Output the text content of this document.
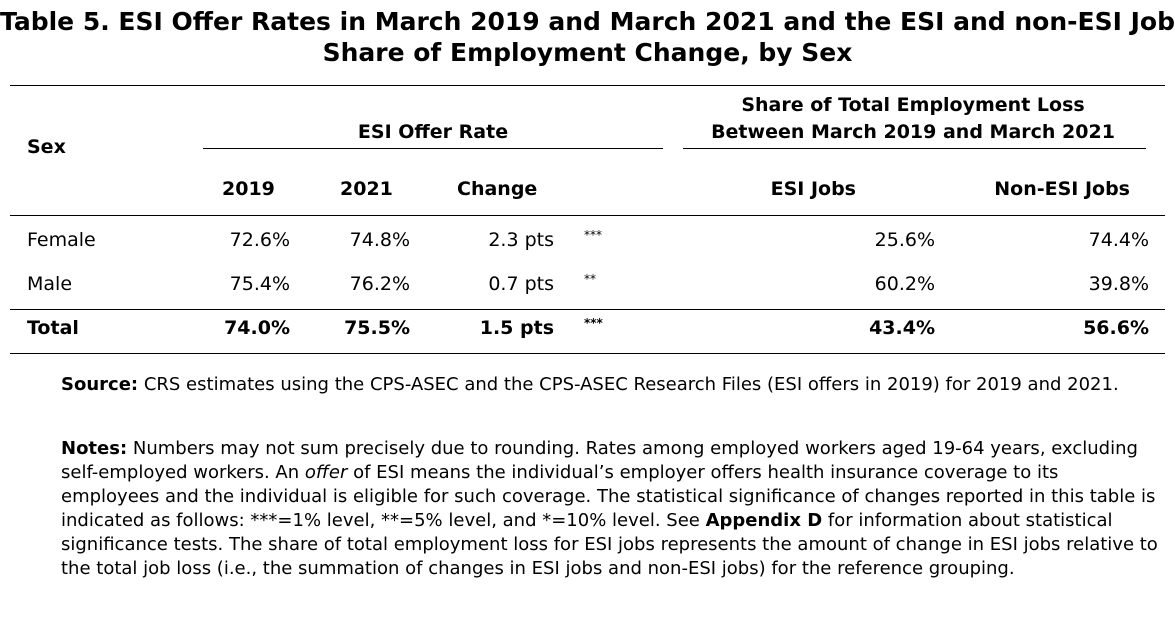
Table 5. ESI Offer Rates in March 2019 and March 2021 and the ESI and non-ESI Job
Share of Employment Change, by Sex
Sex
ESI Offer Rate
Share of Total Employment Loss
Between March 2019 and March 2021
2019	2021	Change	ESI Jobs	Non-ESI Jobs
Female	72.6%	74.8%	2.3 pts	***	25.6%	74.4%
Male	75.4%	76.2%	0.7 pts	**	60.2%	39.8%
Total	74.0%	75.5%	1.5 pts	***	43.4%	56.6%
Source: CRS estimates using the CPS-ASEC and the CPS-ASEC Research Files (ESI offers in 2019) for 2019 and 2021.
Notes: Numbers may not sum precisely due to rounding. Rates among employed workers aged 19-64 years, excluding self-employed workers. An offer of ESI means the individual’s employer offers health insurance coverage to its employees and the individual is eligible for such coverage. The statistical significance of changes reported in this table is indicated as follows: ***=1% level, **=5% level, and *=10% level. See Appendix D for information about statistical significance tests. The share of total employment loss for ESI jobs represents the amount of change in ESI jobs relative to the total job loss (i.e., the summation of changes in ESI jobs and non-ESI jobs) for the reference grouping.
